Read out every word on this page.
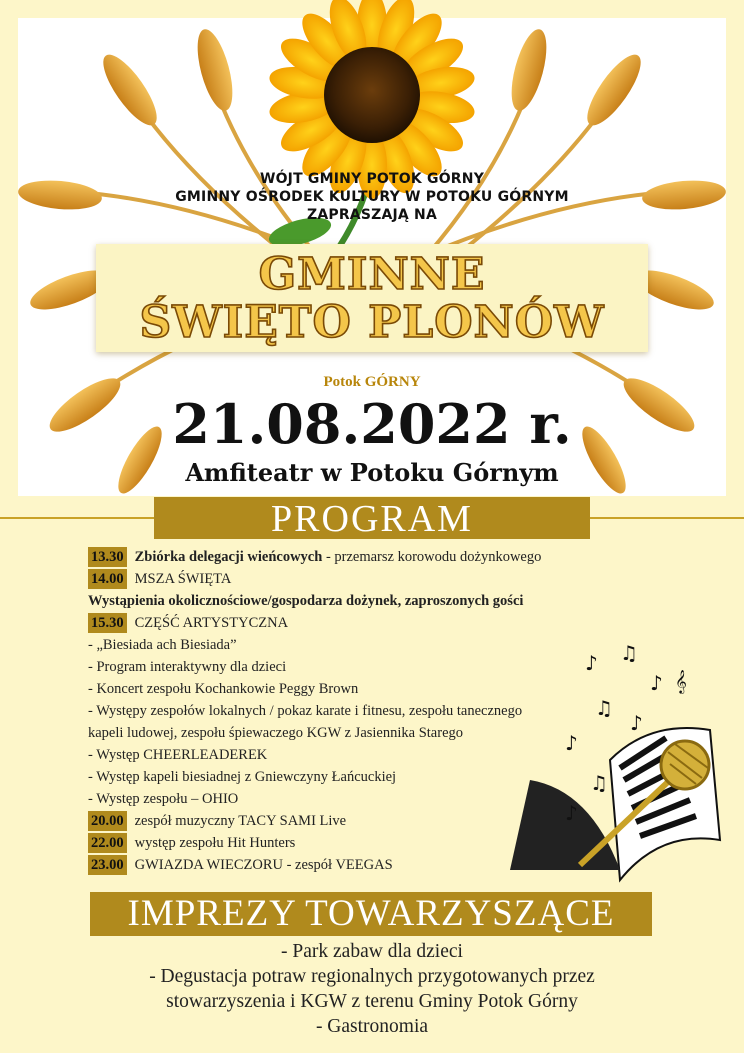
WÓJT GMINY POTOK GÓRNY
GMINNY OŚRODEK KULTURY W POTOKU GÓRNYM
ZAPRASZAJĄ NA
GMINNE
ŚWIĘTO PLONÓW
Potok GÓRNY
21.08.2022 r.
Amfiteatr w Potoku Górnym
PROGRAM
13.30 Zbiórka delegacji wieńcowych - przemarsz korowodu dożynkowego
14.00 MSZA ŚWIĘTA
Wystąpienia okolicznościowe/gospodarza dożynek, zaproszonych gości
15.30 CZĘŚĆ ARTYSTYCZNA
- „Biesiada ach Biesiada”
- Program interaktywny dla dzieci
- Koncert zespołu Kochankowie Peggy Brown
- Występy zespołów lokalnych / pokaz karate i fitnesu, zespołu tanecznego
kapeli ludowej, zespołu śpiewaczego KGW z Jasiennika Starego
- Występ CHEERLEADEREK
- Występ kapeli biesiadnej z Gniewczyny Łańcuckiej
- Występ zespołu – OHIO
20.00 zespół muzyczny TACY SAMI Live
22.00 występ zespołu Hit Hunters
23.00 GWIAZDA WIECZORU - zespół VEEGAS
♪ ♫
♪ 𝄞
♫
♪
♪
♫
♪
IMPREZY TOWARZYSZĄCE
- Park zabaw dla dzieci
- Degustacja potraw regionalnych przygotowanych przez
stowarzyszenia i KGW z terenu Gminy Potok Górny
- Gastronomia
